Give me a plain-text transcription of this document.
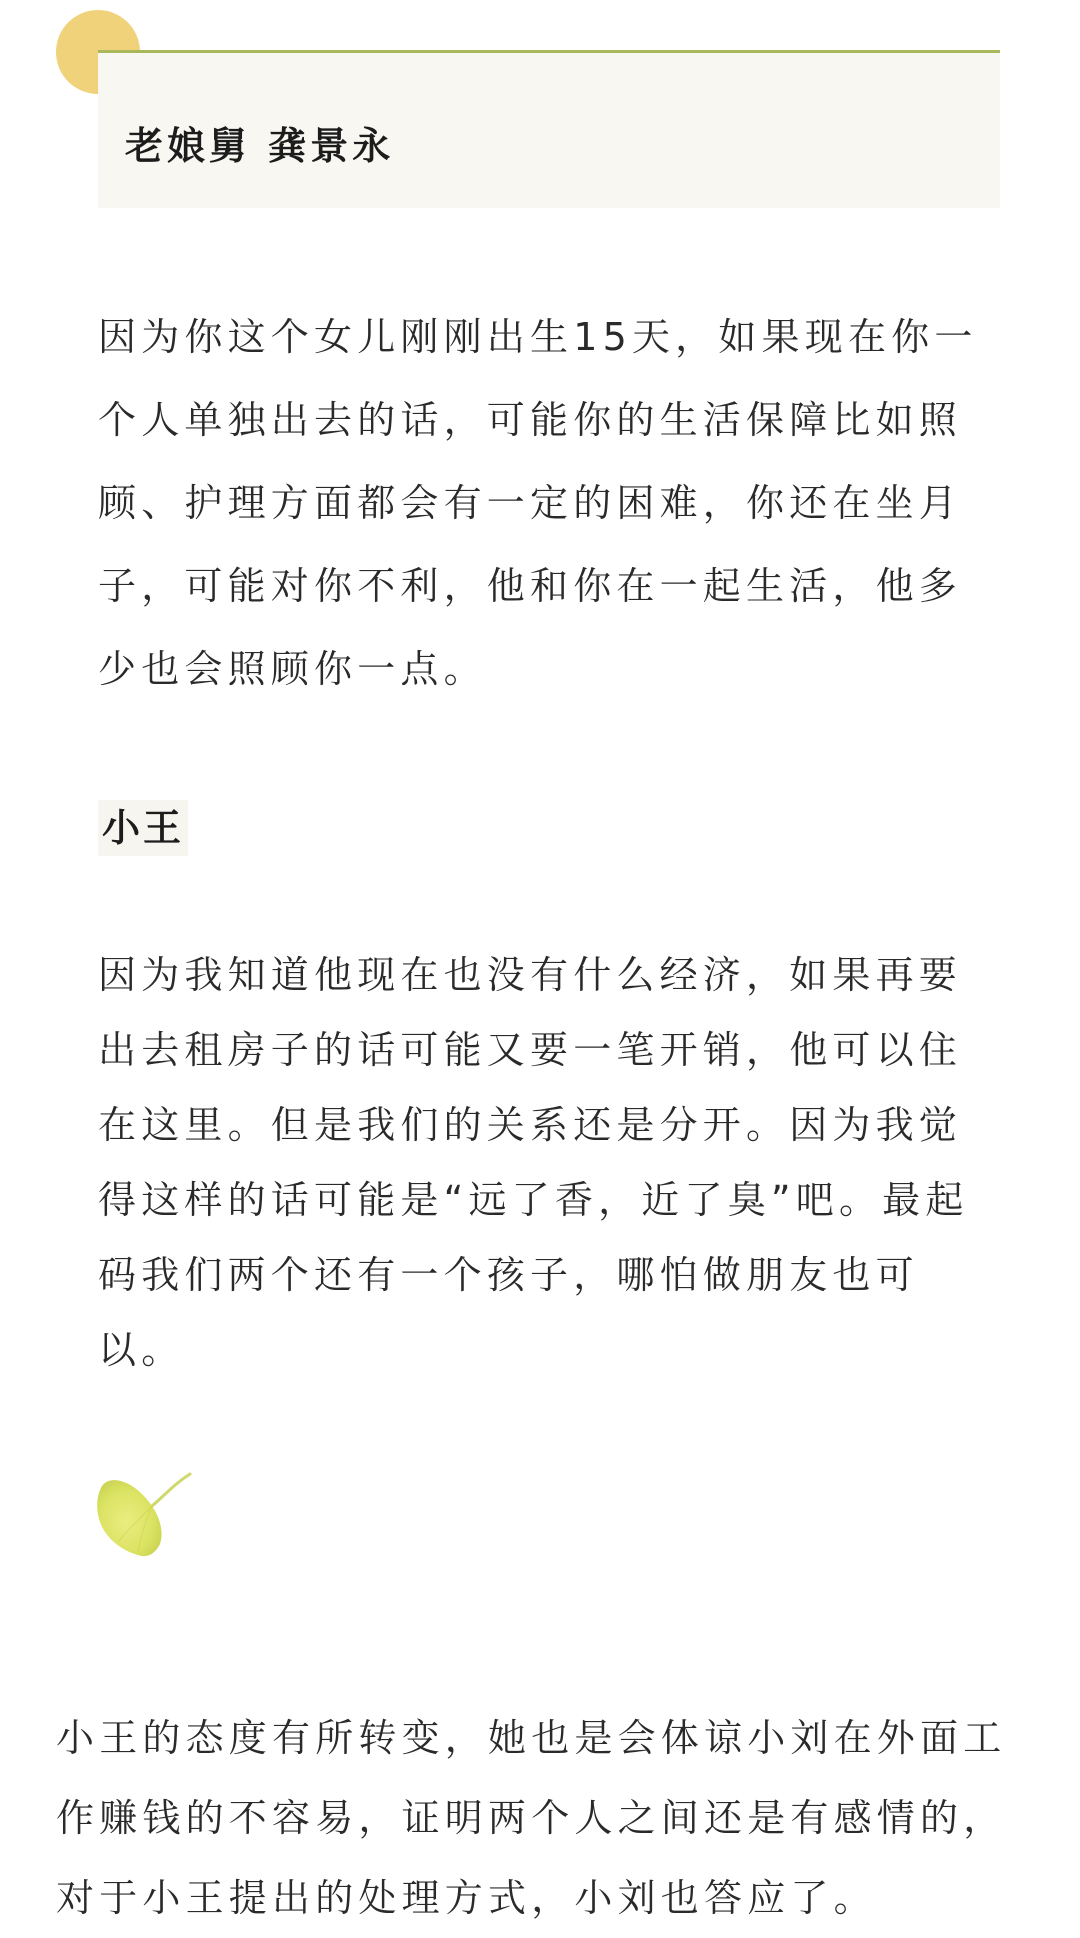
老娘舅 龚景永

因为你这个女儿刚刚出生15天，如果现在你一个人单独出去的话，可能你的生活保障比如照顾、护理方面都会有一定的困难，你还在坐月子，可能对你不利，他和你在一起生活，他多少也会照顾你一点。

小王

因为我知道他现在也没有什么经济，如果再要出去租房子的话可能又要一笔开销，他可以住在这里。但是我们的关系还是分开。因为我觉得这样的话可能是“远了香，近了臭”吧。最起码我们两个还有一个孩子，哪怕做朋友也可以。

小王的态度有所转变，她也是会体谅小刘在外面工作赚钱的不容易，证明两个人之间还是有感情的，对于小王提出的处理方式，小刘也答应了。
